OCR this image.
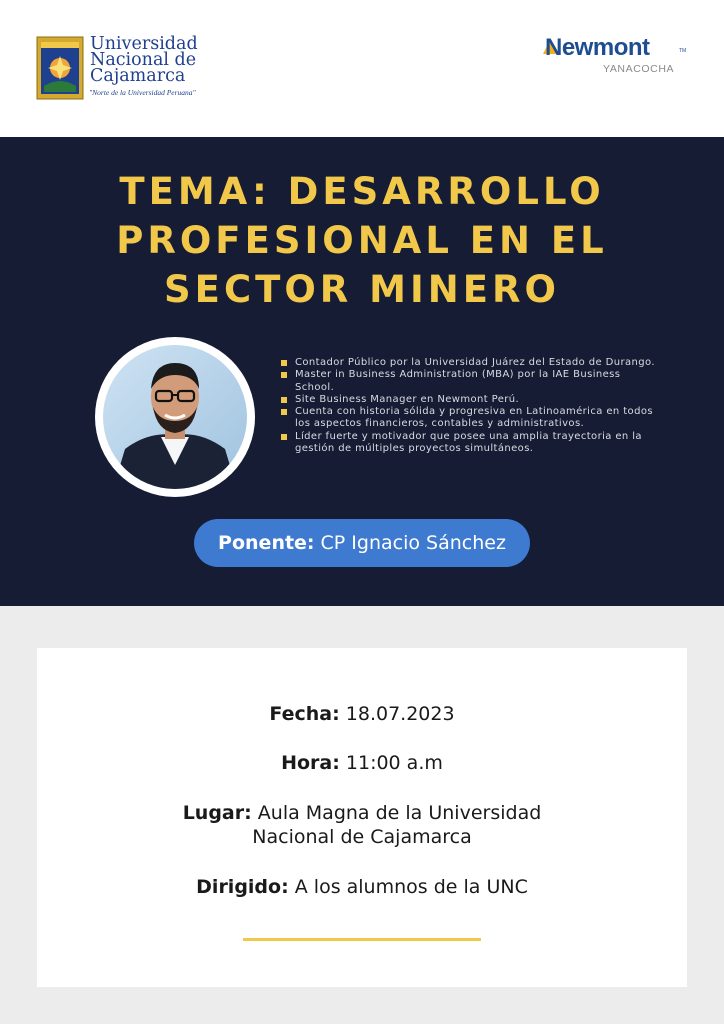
Universidad
Nacional de
Cajamarca
"Norte de la Universidad Peruana"
Newmont	TM
YANACOCHA
TEMA: DESARROLLO PROFESIONAL EN EL SECTOR MINERO
Contador Público por la Universidad Juárez del Estado de Durango.
Master in Business Administration (MBA) por la IAE Business School.
Site Business Manager en Newmont Perú.
Cuenta con historia sólida y progresiva en Latinoamérica en todos los aspectos financieros, contables y administrativos.
Líder fuerte y motivador que posee una amplia trayectoria en la gestión de múltiples proyectos simultáneos.
Ponente: CP Ignacio Sánchez
Fecha: 18.07.2023
Hora: 11:00 a.m
Lugar: Aula Magna de la Universidad
Nacional de Cajamarca
Dirigido: A los alumnos de la UNC
